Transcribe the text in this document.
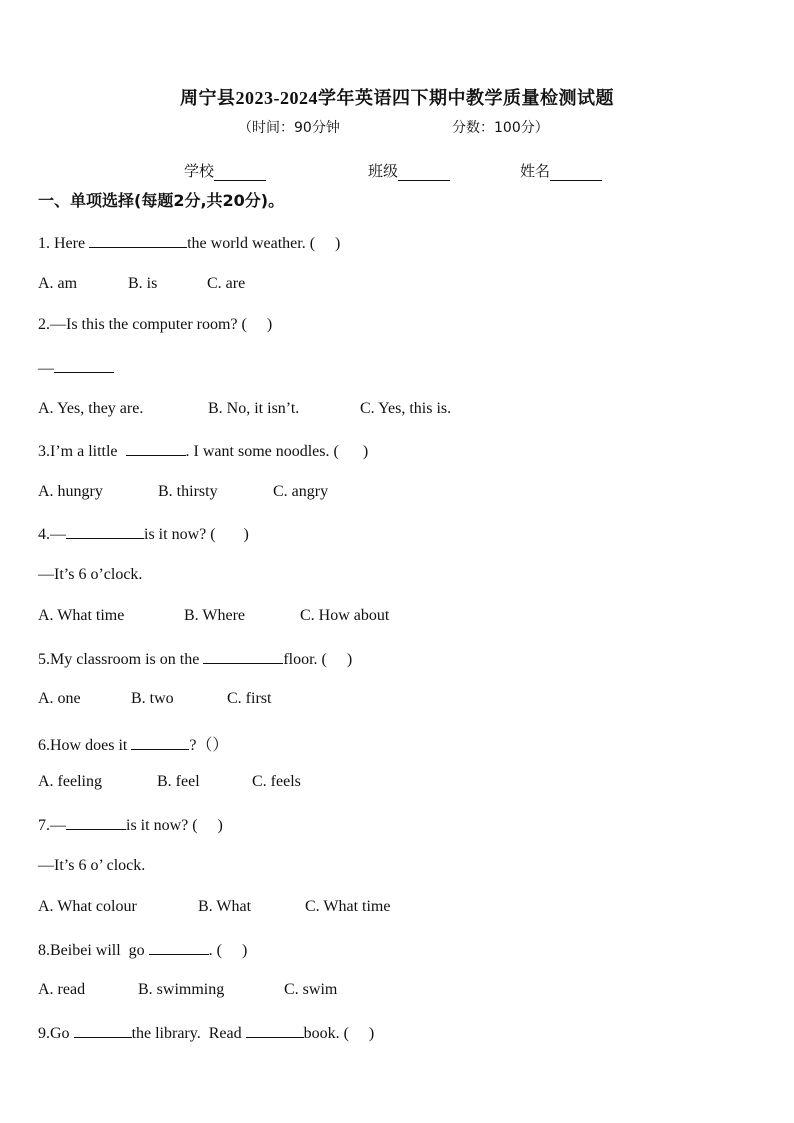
周宁县2023-2024学年英语四下期中教学质量检测试题
（时间：90分钟	分数：100分）
学校	班级	姓名
一、单项选择(每题2分,共20分)。
1. Here	the world weather. (     )
A. am	B. is	C. are
2.—Is this the computer room? (     )
—
A. Yes, they are.	B. No, it isn’t.	C. Yes, this is.
3.I’m a little	. I want some noodles. (      )
A. hungry	B. thirsty	C. angry
4.—	is it now? (       )
—It’s 6 o’clock.
A. What time	B. Where	C. How about
5.My classroom is on the	floor. (     )
A. one	B. two	C. first
6.How does it	?（）
A. feeling	B. feel	C. feels
7.—	is it now? (     )
—It’s 6 o’ clock.
A. What colour	B. What	C. What time
8.Beibei will  go	. (     )
A. read	B. swimming	C. swim
9.Go	the library.  Read	book. (     )
